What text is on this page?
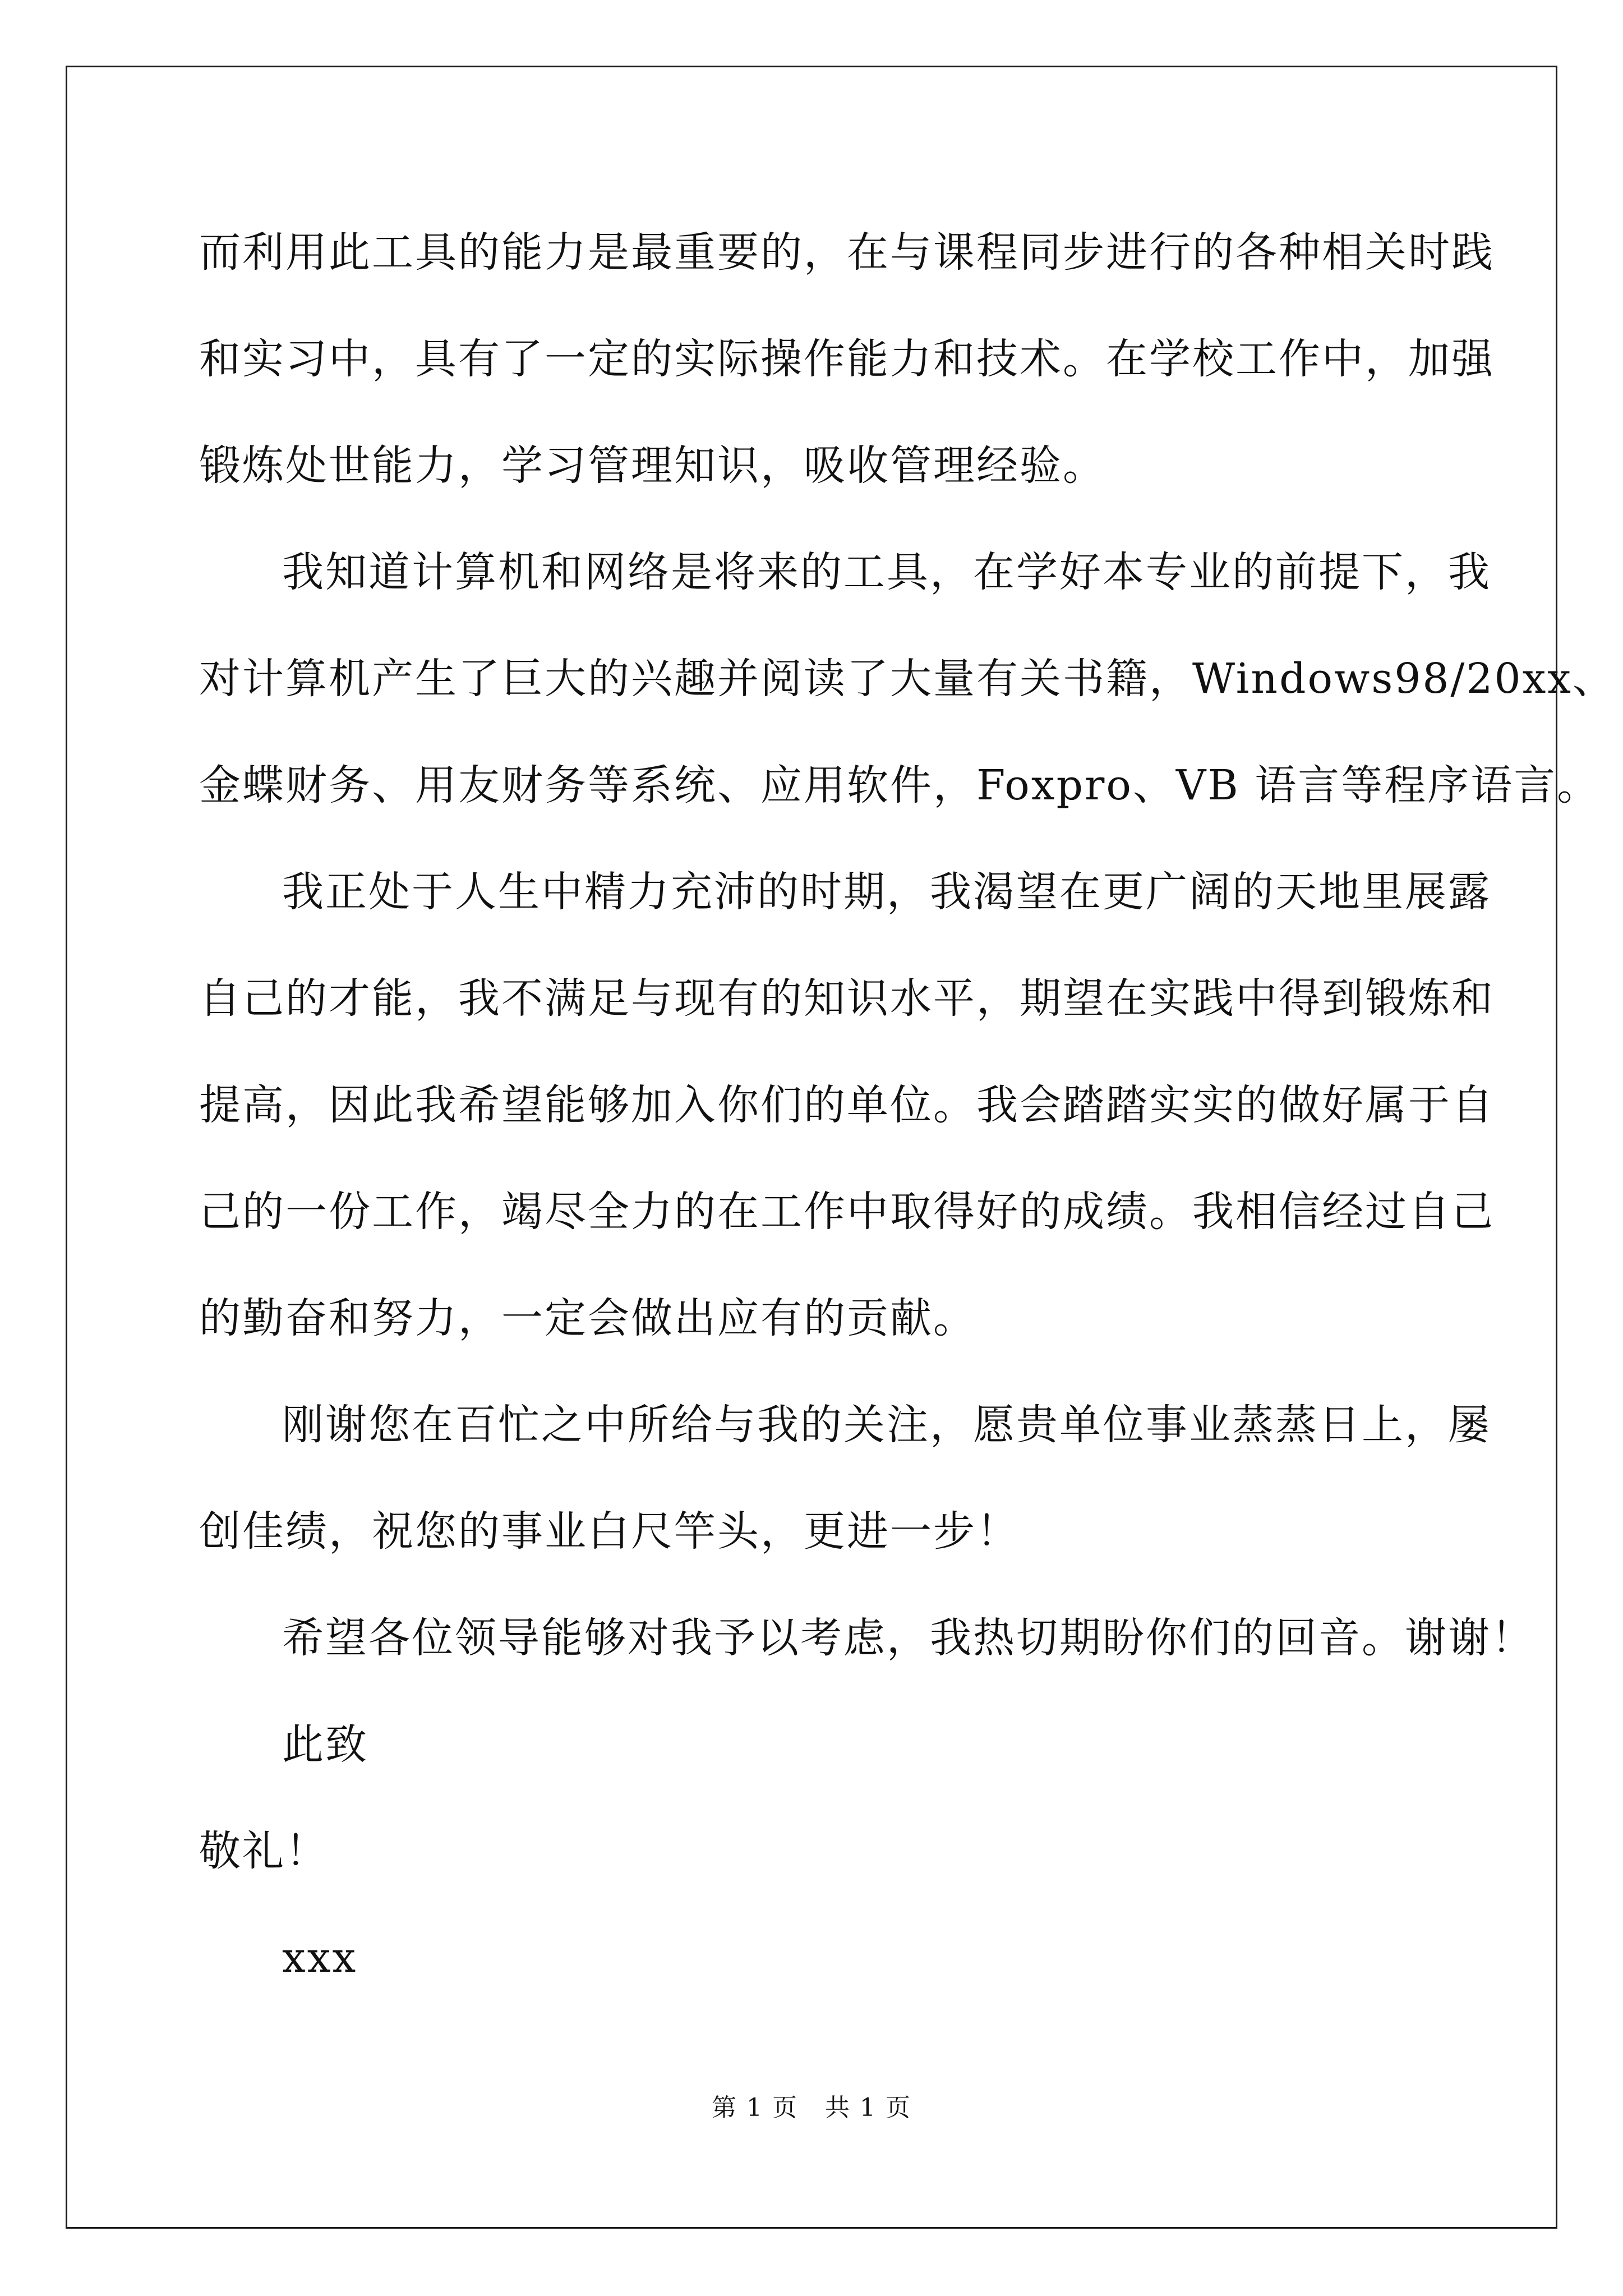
而利用此工具的能力是最重要的，在与课程同步进行的各种相关时践
和实习中，具有了一定的实际操作能力和技术。在学校工作中，加强
锻炼处世能力，学习管理知识，吸收管理经验。
我知道计算机和网络是将来的工具，在学好本专业的前提下，我
对计算机产生了巨大的兴趣并阅读了大量有关书籍，Windows98/20xx、
金蝶财务、用友财务等系统、应用软件，Foxpro、VB 语言等程序语言。
我正处于人生中精力充沛的时期，我渴望在更广阔的天地里展露
自己的才能，我不满足与现有的知识水平，期望在实践中得到锻炼和
提高，因此我希望能够加入你们的单位。我会踏踏实实的做好属于自
己的一份工作，竭尽全力的在工作中取得好的成绩。我相信经过自己
的勤奋和努力，一定会做出应有的贡献。
刚谢您在百忙之中所给与我的关注，愿贵单位事业蒸蒸日上，屡
创佳绩，祝您的事业白尺竿头，更进一步！
希望各位领导能够对我予以考虑，我热切期盼你们的回音。谢谢！
此致
敬礼！
xxx
第 1 页 共 1 页
